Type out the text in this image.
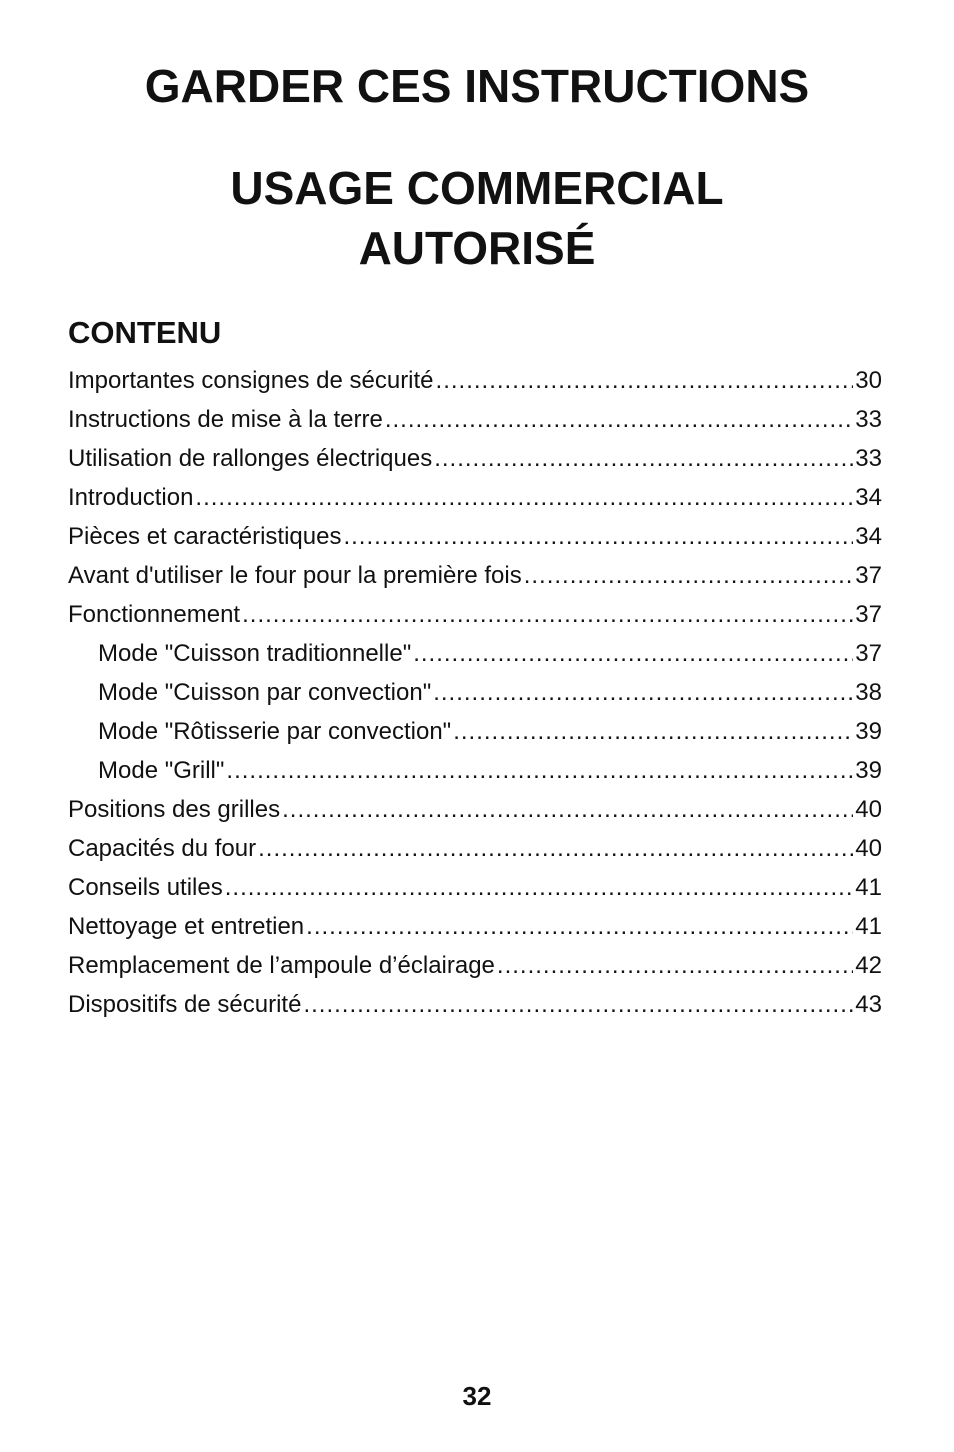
GARDER CES INSTRUCTIONS
USAGE COMMERCIAL
AUTORISÉ
CONTENU
Importantes consignes de sécurité .....	30
Instructions de mise à la terre .....	33
Utilisation de rallonges électriques .....	33
Introduction .....	34
Pièces et caractéristiques .....	34
Avant d'utiliser le four pour la première fois .....	37
Fonctionnement .....	37
Mode "Cuisson traditionnelle" .....	37
Mode "Cuisson par convection" .....	38
Mode "Rôtisserie par convection" .....	39
Mode "Grill" .....	39
Positions des grilles .....	40
Capacités du four .....	40
Conseils utiles .....	41
Nettoyage et entretien .....	41
Remplacement de l’ampoule d’éclairage .....	42
Dispositifs de sécurité .....	43
32
